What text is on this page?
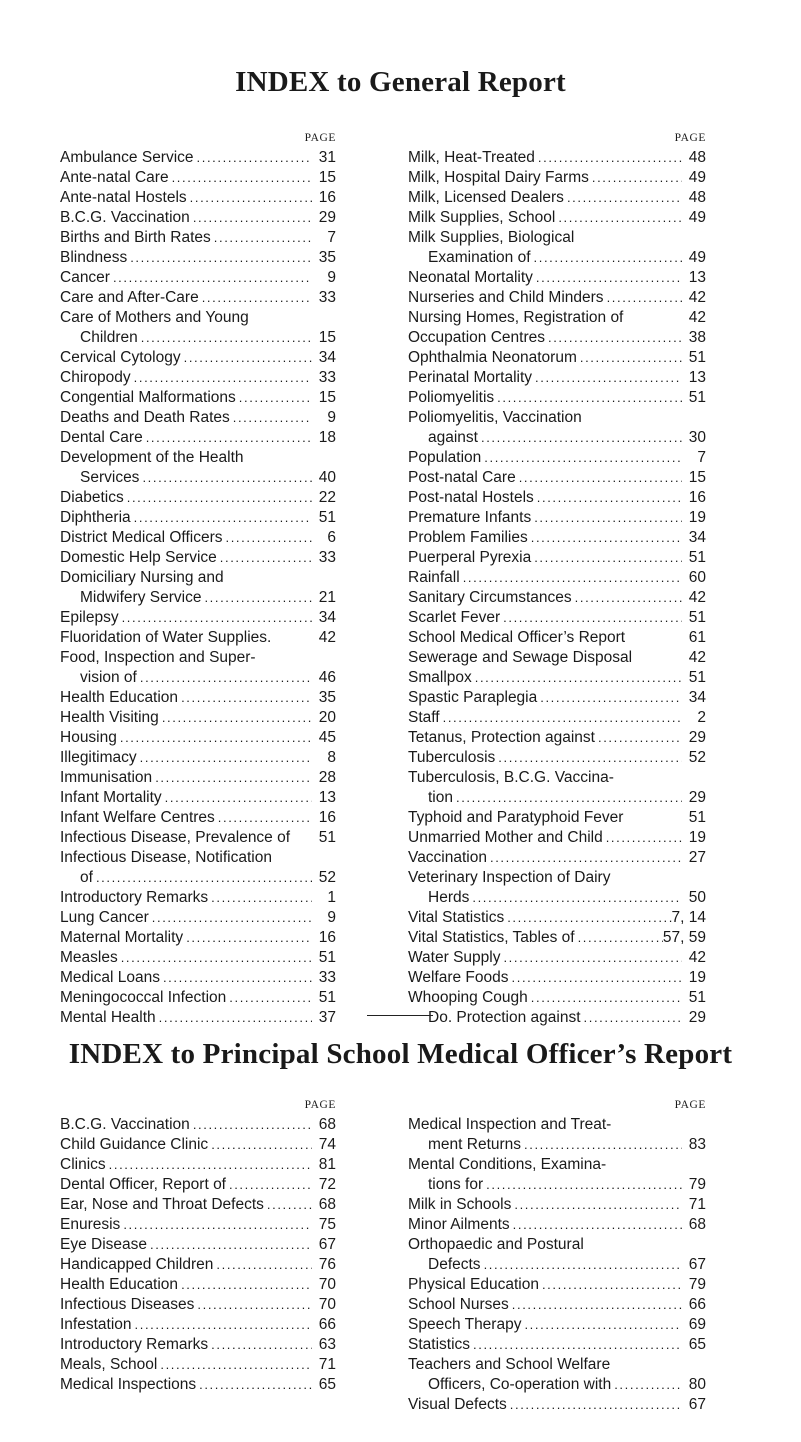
INDEX to General Report
PAGE
Ambulance Service .....	31
Ante-natal Care .....	15
Ante-natal Hostels .....	16
B.C.G. Vaccination .....	29
Births and Birth Rates .....	7
Blindness .....	35
Cancer .....	9
Care and After-Care .....	33
Care of Mothers and Young
Children .....	15
Cervical Cytology .....	34
Chiropody .....	33
Congential Malformations .....	15
Deaths and Death Rates .....	9
Dental Care .....	18
Development of the Health
Services .....	40
Diabetics .....	22
Diphtheria .....	51
District Medical Officers .....	6
Domestic Help Service .....	33
Domiciliary Nursing and
Midwifery Service .....	21
Epilepsy .....	34
Fluoridation of Water Supplies.	42
Food, Inspection and Super-
vision of .....	46
Health Education .....	35
Health Visiting .....	20
Housing .....	45
Illegitimacy .....	8
Immunisation .....	28
Infant Mortality .....	13
Infant Welfare Centres .....	16
Infectious Disease, Prevalence of	51
Infectious Disease, Notification
of .....	52
Introductory Remarks .....	1
Lung Cancer .....	9
Maternal Mortality .....	16
Measles .....	51
Medical Loans .....	33
Meningococcal Infection .....	51
Mental Health .....	37
PAGE
Milk, Heat-Treated .....	48
Milk, Hospital Dairy Farms .....	49
Milk, Licensed Dealers .....	48
Milk Supplies, School .....	49
Milk Supplies, Biological
Examination of .....	49
Neonatal Mortality .....	13
Nurseries and Child Minders .....	42
Nursing Homes, Registration of	42
Occupation Centres .....	38
Ophthalmia Neonatorum .....	51
Perinatal Mortality .....	13
Poliomyelitis .....	51
Poliomyelitis, Vaccination
against .....	30
Population .....	7
Post-natal Care .....	15
Post-natal Hostels .....	16
Premature Infants .....	19
Problem Families .....	34
Puerperal Pyrexia .....	51
Rainfall .....	60
Sanitary Circumstances .....	42
Scarlet Fever .....	51
School Medical Officer’s Report	61
Sewerage and Sewage Disposal	42
Smallpox .....	51
Spastic Paraplegia .....	34
Staff .....	2
Tetanus, Protection against .....	29
Tuberculosis .....	52
Tuberculosis, B.C.G. Vaccina-
tion .....	29
Typhoid and Paratyphoid Fever	51
Unmarried Mother and Child .....	19
Vaccination .....	27
Veterinary Inspection of Dairy
Herds .....	50
Vital Statistics .....	7, 14
Vital Statistics, Tables of .....	57, 59
Water Supply .....	42
Welfare Foods .....	19
Whooping Cough .....	51
Do. Protection against .....	29
INDEX to Principal School Medical Officer’s Report
PAGE
B.C.G. Vaccination .....	68
Child Guidance Clinic .....	74
Clinics .....	81
Dental Officer, Report of .....	72
Ear, Nose and Throat Defects .....	68
Enuresis .....	75
Eye Disease .....	67
Handicapped Children .....	76
Health Education .....	70
Infectious Diseases .....	70
Infestation .....	66
Introductory Remarks .....	63
Meals, School .....	71
Medical Inspections .....	65
PAGE
Medical Inspection and Treat-
ment Returns .....	83
Mental Conditions, Examina-
tions for .....	79
Milk in Schools .....	71
Minor Ailments .....	68
Orthopaedic and Postural
Defects .....	67
Physical Education .....	79
School Nurses .....	66
Speech Therapy .....	69
Statistics .....	65
Teachers and School Welfare
Officers, Co-operation with .....	80
Visual Defects .....	67
